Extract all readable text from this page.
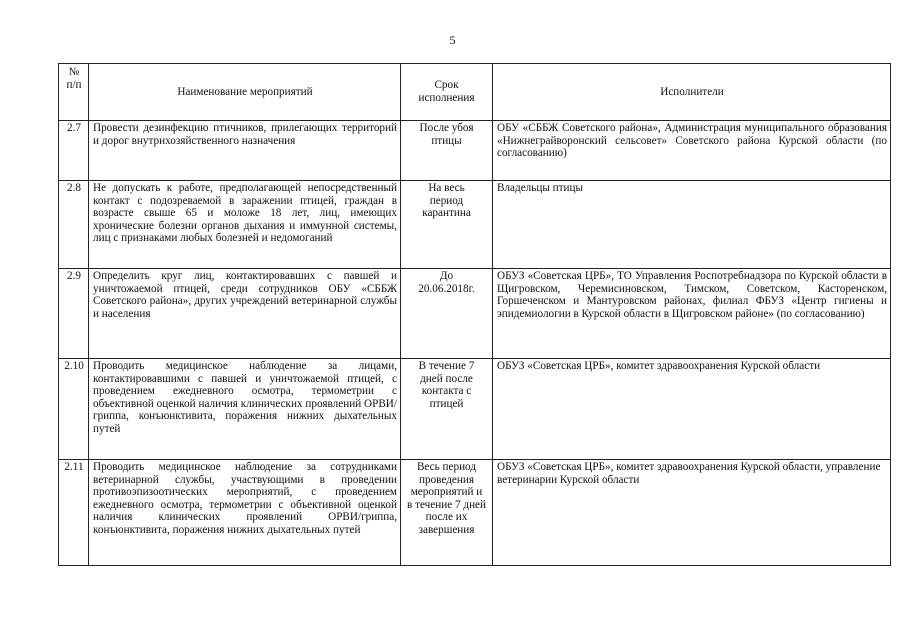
5
№ п/п	Наименование мероприятий	Срок исполнения	Исполнители
2.7	Провести дезинфекцию птичников, прилегающих территорий и дорог внутрихозяйственного назначения	После убоя птицы	ОБУ «СББЖ Советского района», Администрация муниципального образования «Нижнеграйворонский сельсовет» Советского района Курской области (по согласованию)
2.8	Не допускать к работе, предполагающей непосредственный контакт с подозреваемой в заражении птицей, граждан в возрасте свыше 65 и моложе 18 лет, лиц, имеющих хронические болезни органов дыхания и иммунной системы, лиц с признаками любых болезней и недомоганий	На весь период карантина	Владельцы птицы
2.9	Определить круг лиц, контактировавших с павшей и уничтожаемой птицей, среди сотрудников ОБУ «СББЖ Советского района», других учреждений ветеринарной службы и населения	До 20.06.2018г.	ОБУЗ «Советская ЦРБ», ТО Управления Роспотребнадзора по Курской области в Щигровском, Черемисиновском, Тимском, Советском, Касторенском, Горшеченском и Мантуровском районах, филиал ФБУЗ «Центр гигиены и эпидемиологии в Курской области в Щигровском районе» (по согласованию)
2.10	Проводить медицинское наблюдение за лицами, контактировавшими с павшей и уничтожаемой птицей, с проведением ежедневного осмотра, термометрии с объективной оценкой наличия клинических проявлений ОРВИ/гриппа, конъюнктивита, поражения нижних дыхательных путей	В течение 7 дней после контакта с птицей	ОБУЗ «Советская ЦРБ», комитет здравоохранения Курской области
2.11	Проводить медицинское наблюдение за сотрудниками ветеринарной службы, участвующими в проведении противоэпизоотических мероприятий, с проведением ежедневного осмотра, термометрии с объективной оценкой наличия клинических проявлений ОРВИ/гриппа, конъюнктивита, поражения нижних дыхательных путей	Весь период проведения мероприятий и в течение 7 дней после их завершения	ОБУЗ «Советская ЦРБ», комитет здравоохранения Курской области, управление ветеринарии Курской области
